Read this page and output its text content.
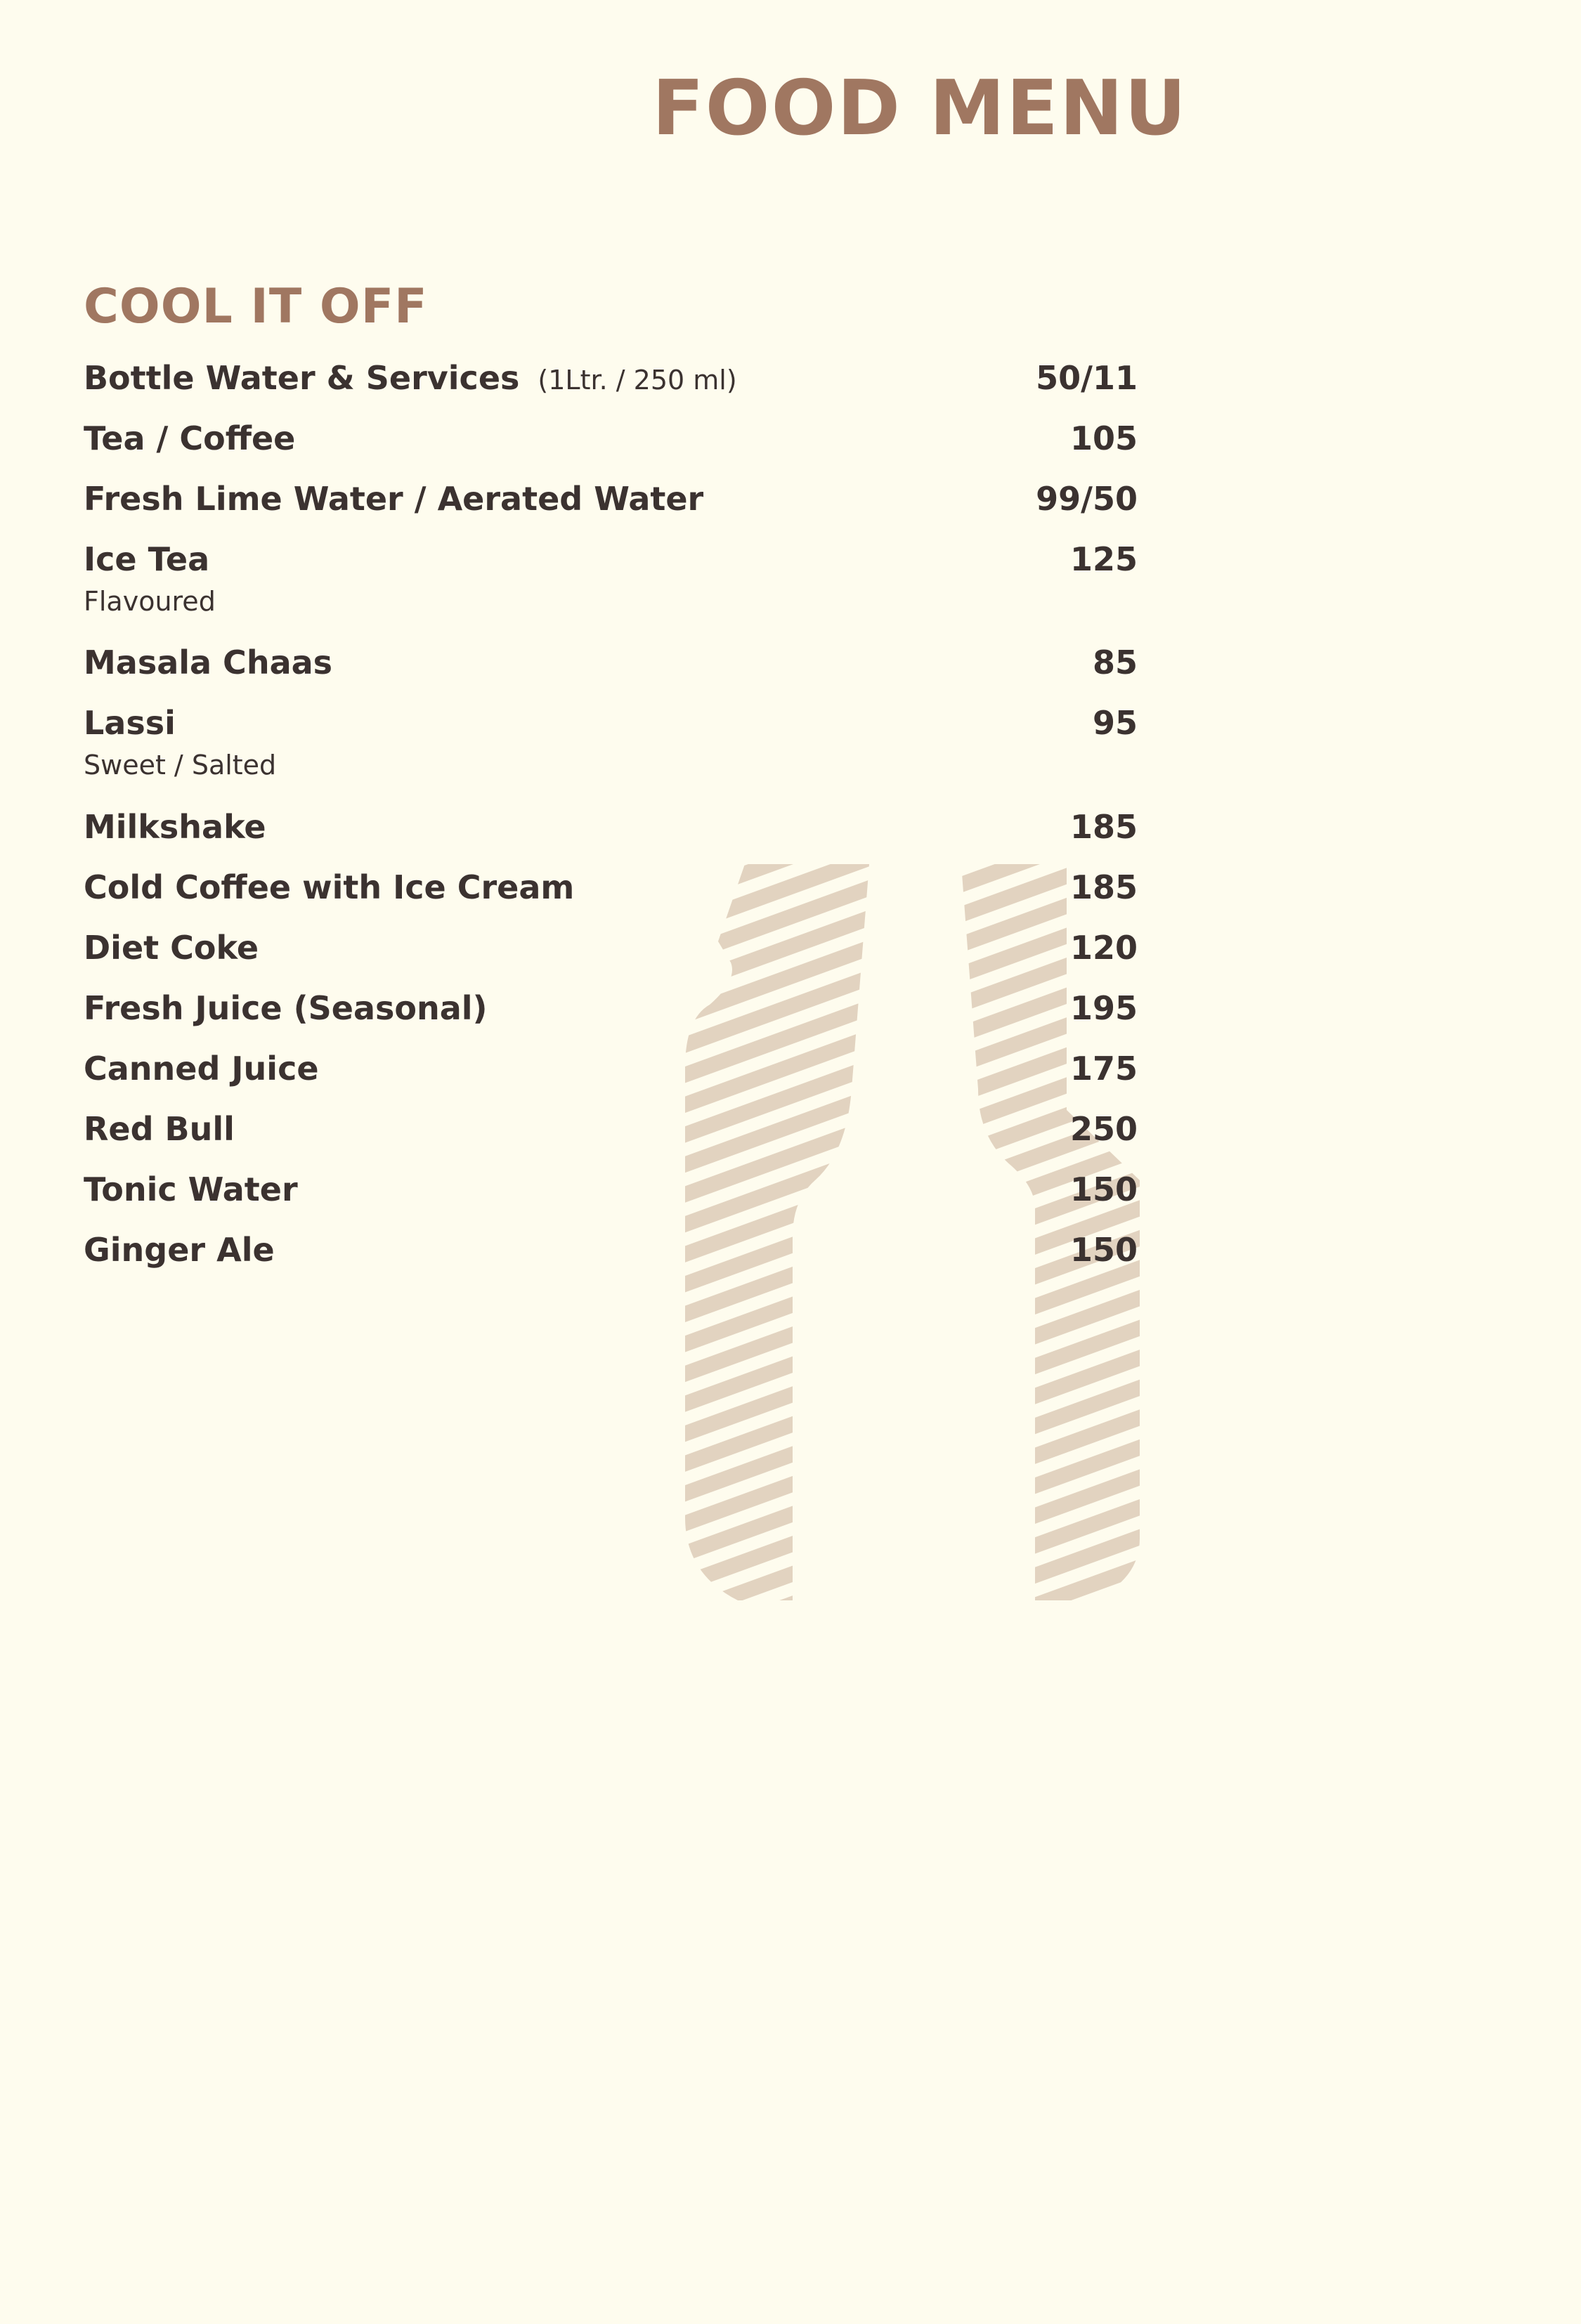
FOOD MENU
COOL IT OFF
Bottle Water & Services (1Ltr. / 250 ml)	50/11
Tea / Coffee	105
Fresh Lime Water / Aerated Water	99/50
Ice Tea	125
Flavoured
Masala Chaas	85
Lassi	95
Sweet / Salted
Milkshake	185
Cold Coffee with Ice Cream	185
Diet Coke	120
Fresh Juice (Seasonal)	195
Canned Juice	175
Red Bull	250
Tonic Water	150
Ginger Ale	150
